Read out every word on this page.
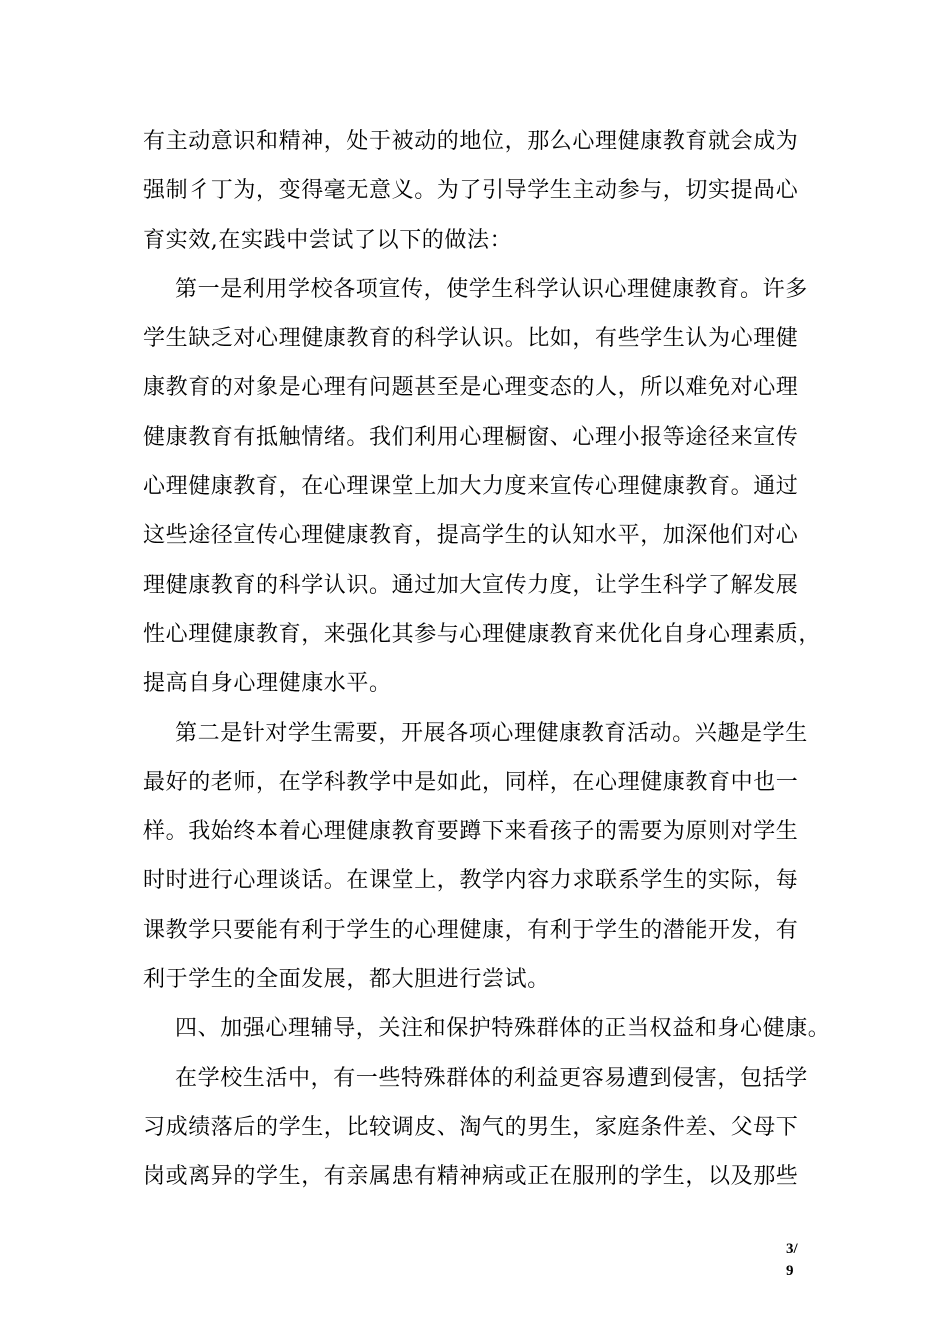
有主动意识和精神，处于被动的地位，那么心理健康教育就会成为
强制彳丁为，变得毫无意义。为了引导学生主动参与，切实提咼心
育实效,在实践中尝试了以下的做法：
第一是利用学校各项宣传，使学生科学认识心理健康教育。许多
学生缺乏对心理健康教育的科学认识。比如，有些学生认为心理健
康教育的对象是心理有问题甚至是心理变态的人，所以难免对心理
健康教育有抵触情绪。我们利用心理橱窗、心理小报等途径来宣传
心理健康教育，在心理课堂上加大力度来宣传心理健康教育。通过
这些途径宣传心理健康教育，提高学生的认知水平，加深他们对心
理健康教育的科学认识。通过加大宣传力度，让学生科学了解发展
性心理健康教育，来强化其参与心理健康教育来优化自身心理素质，
提高自身心理健康水平。
第二是针对学生需要，开展各项心理健康教育活动。兴趣是学生
最好的老师，在学科教学中是如此，同样，在心理健康教育中也一
样。我始终本着心理健康教育要蹲下来看孩子的需要为原则对学生
时时进行心理谈话。在课堂上，教学内容力求联系学生的实际，每
课教学只要能有利于学生的心理健康，有利于学生的潜能开发，有
利于学生的全面发展，都大胆进行尝试。
四、加强心理辅导，关注和保护特殊群体的正当权益和身心健康。
在学校生活中，有一些特殊群体的利益更容易遭到侵害，包括学
习成绩落后的学生，比较调皮、淘气的男生，家庭条件差、父母下
岗或离异的学生，有亲属患有精神病或正在服刑的学生，以及那些
3/
9
